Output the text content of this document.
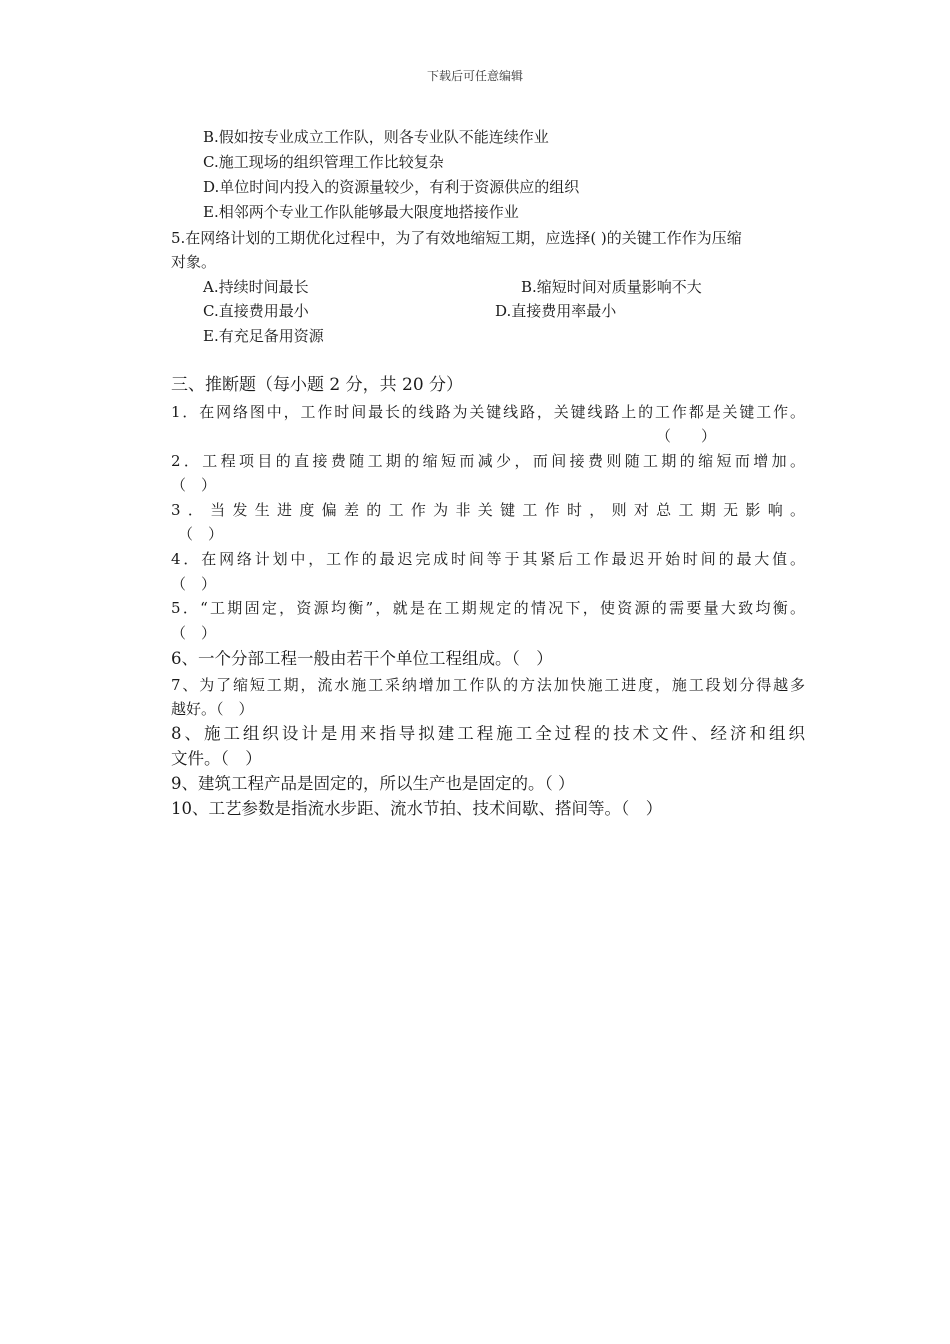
下载后可任意编辑
B.假如按专业成立工作队，则各专业队不能连续作业
C.施工现场的组织管理工作比较复杂
D.单位时间内投入的资源量较少，有利于资源供应的组织
E.相邻两个专业工作队能够最大限度地搭接作业
5.在网络计划的工期优化过程中，为了有效地缩短工期，应选择( )的关键工作作为压缩
对象。
A.持续时间最长	B.缩短时间对质量影响不大
C.直接费用最小	D.直接费用率最小
E.有充足备用资源
三、推断题（每小题 2 分，共 20 分）
1．在网络图中，工作时间最长的线路为关键线路，关键线路上的工作都是关键工作。
（　　）
2．工程项目的直接费随工期的缩短而减少，而间接费则随工期的缩短而增加。
（　）
3．当发生进度偏差的工作为非关键工作时，则对总工期无影响。
（　）
4．在网络计划中，工作的最迟完成时间等于其紧后工作最迟开始时间的最大值。
（　）
5．“工期固定，资源均衡”，就是在工期规定的情况下，使资源的需要量大致均衡。
（　）
6、一个分部工程一般由若干个单位工程组成。（　）
7、为了缩短工期，流水施工采纳增加工作队的方法加快施工进度，施工段划分得越多
越好。（　）
8、施工组织设计是用来指导拟建工程施工全过程的技术文件、经济和组织
文件。（　）
9、建筑工程产品是固定的，所以生产也是固定的。（ ）
10、工艺参数是指流水步距、流水节拍、技术间歇、搭间等。（　）
